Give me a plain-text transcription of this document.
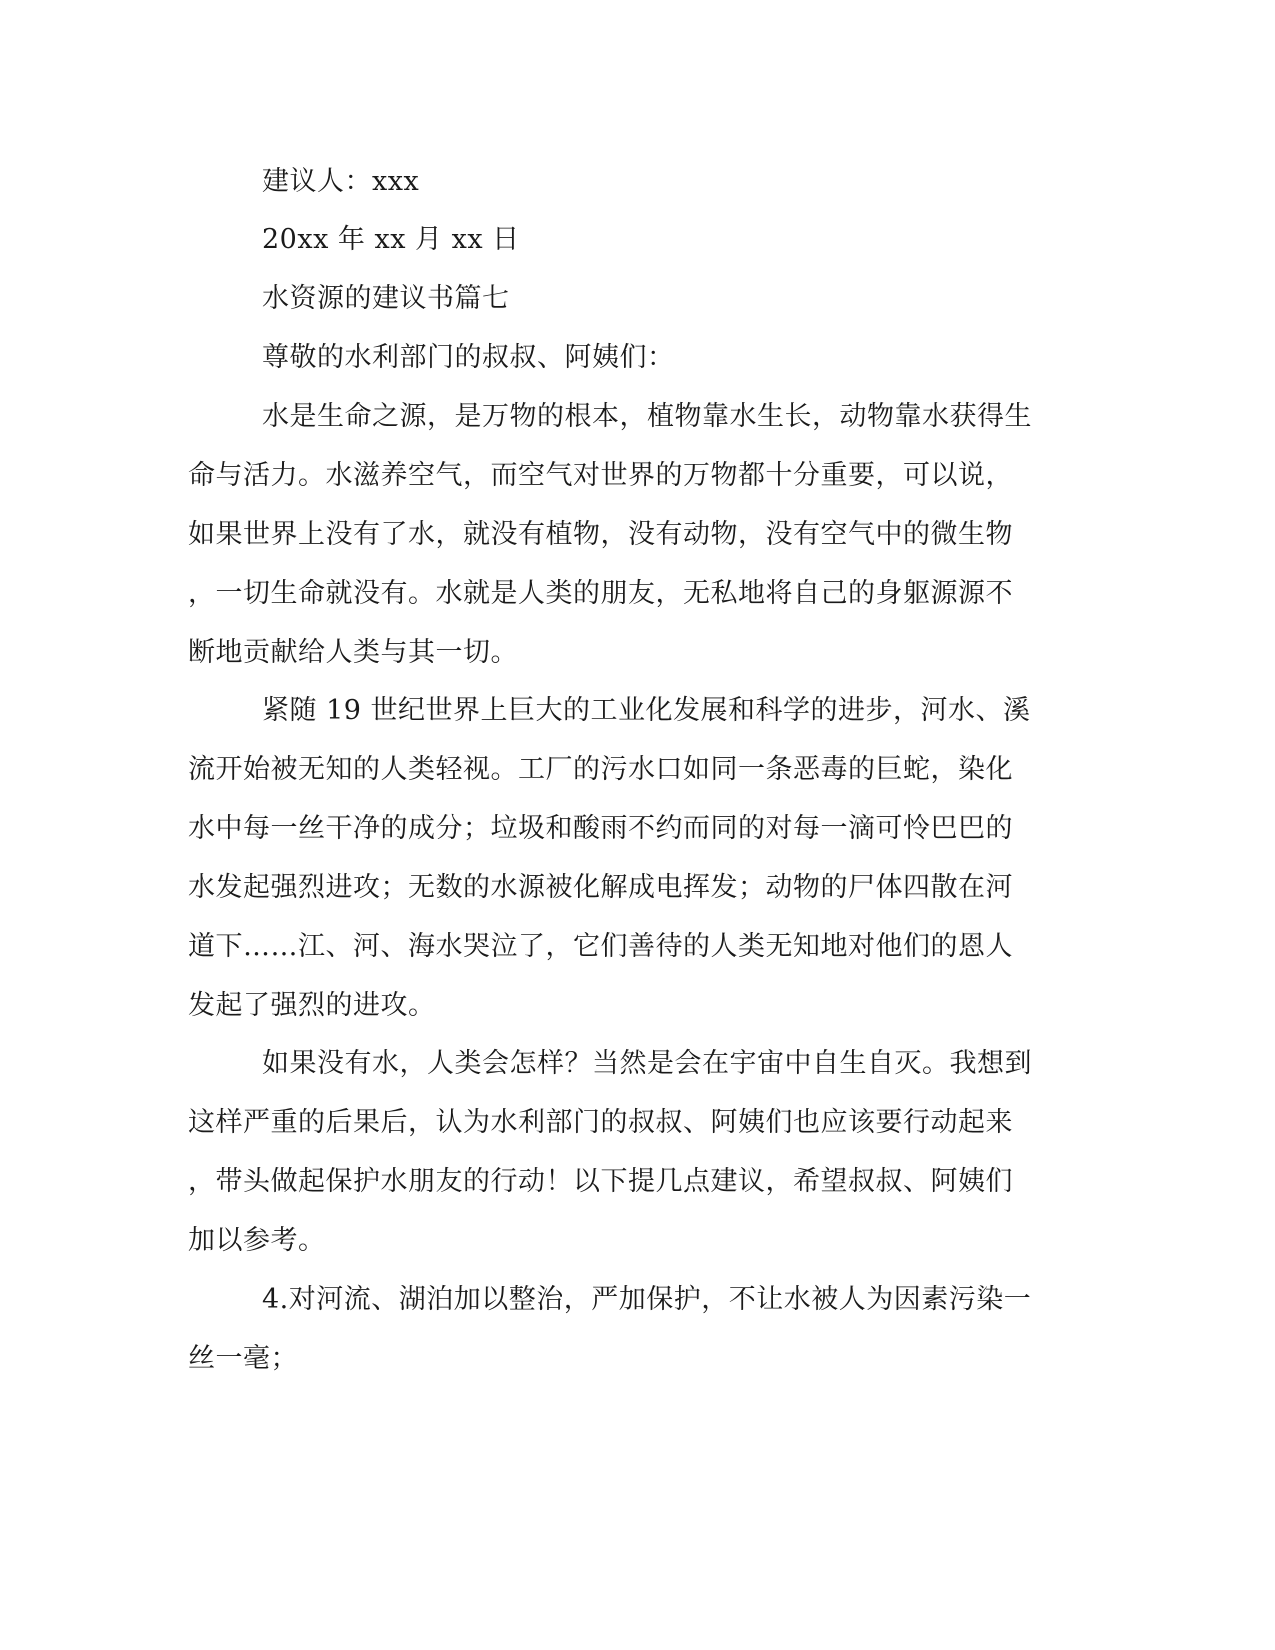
建议人：xxx
20xx 年 xx 月 xx 日
水资源的建议书篇七
尊敬的水利部门的叔叔、阿姨们：
水是生命之源，是万物的根本，植物靠水生长，动物靠水获得生
命与活力。水滋养空气，而空气对世界的万物都十分重要，可以说，
如果世界上没有了水，就没有植物，没有动物，没有空气中的微生物
，一切生命就没有。水就是人类的朋友，无私地将自己的身躯源源不
断地贡献给人类与其一切。
紧随 19 世纪世界上巨大的工业化发展和科学的进步，河水、溪
流开始被无知的人类轻视。工厂的污水口如同一条恶毒的巨蛇，染化
水中每一丝干净的成分；垃圾和酸雨不约而同的对每一滴可怜巴巴的
水发起强烈进攻；无数的水源被化解成电挥发；动物的尸体四散在河
道下……江、河、海水哭泣了，它们善待的人类无知地对他们的恩人
发起了强烈的进攻。
如果没有水，人类会怎样？当然是会在宇宙中自生自灭。我想到
这样严重的后果后，认为水利部门的叔叔、阿姨们也应该要行动起来
，带头做起保护水朋友的行动！以下提几点建议，希望叔叔、阿姨们
加以参考。
4.对河流、湖泊加以整治，严加保护，不让水被人为因素污染一
丝一毫；
